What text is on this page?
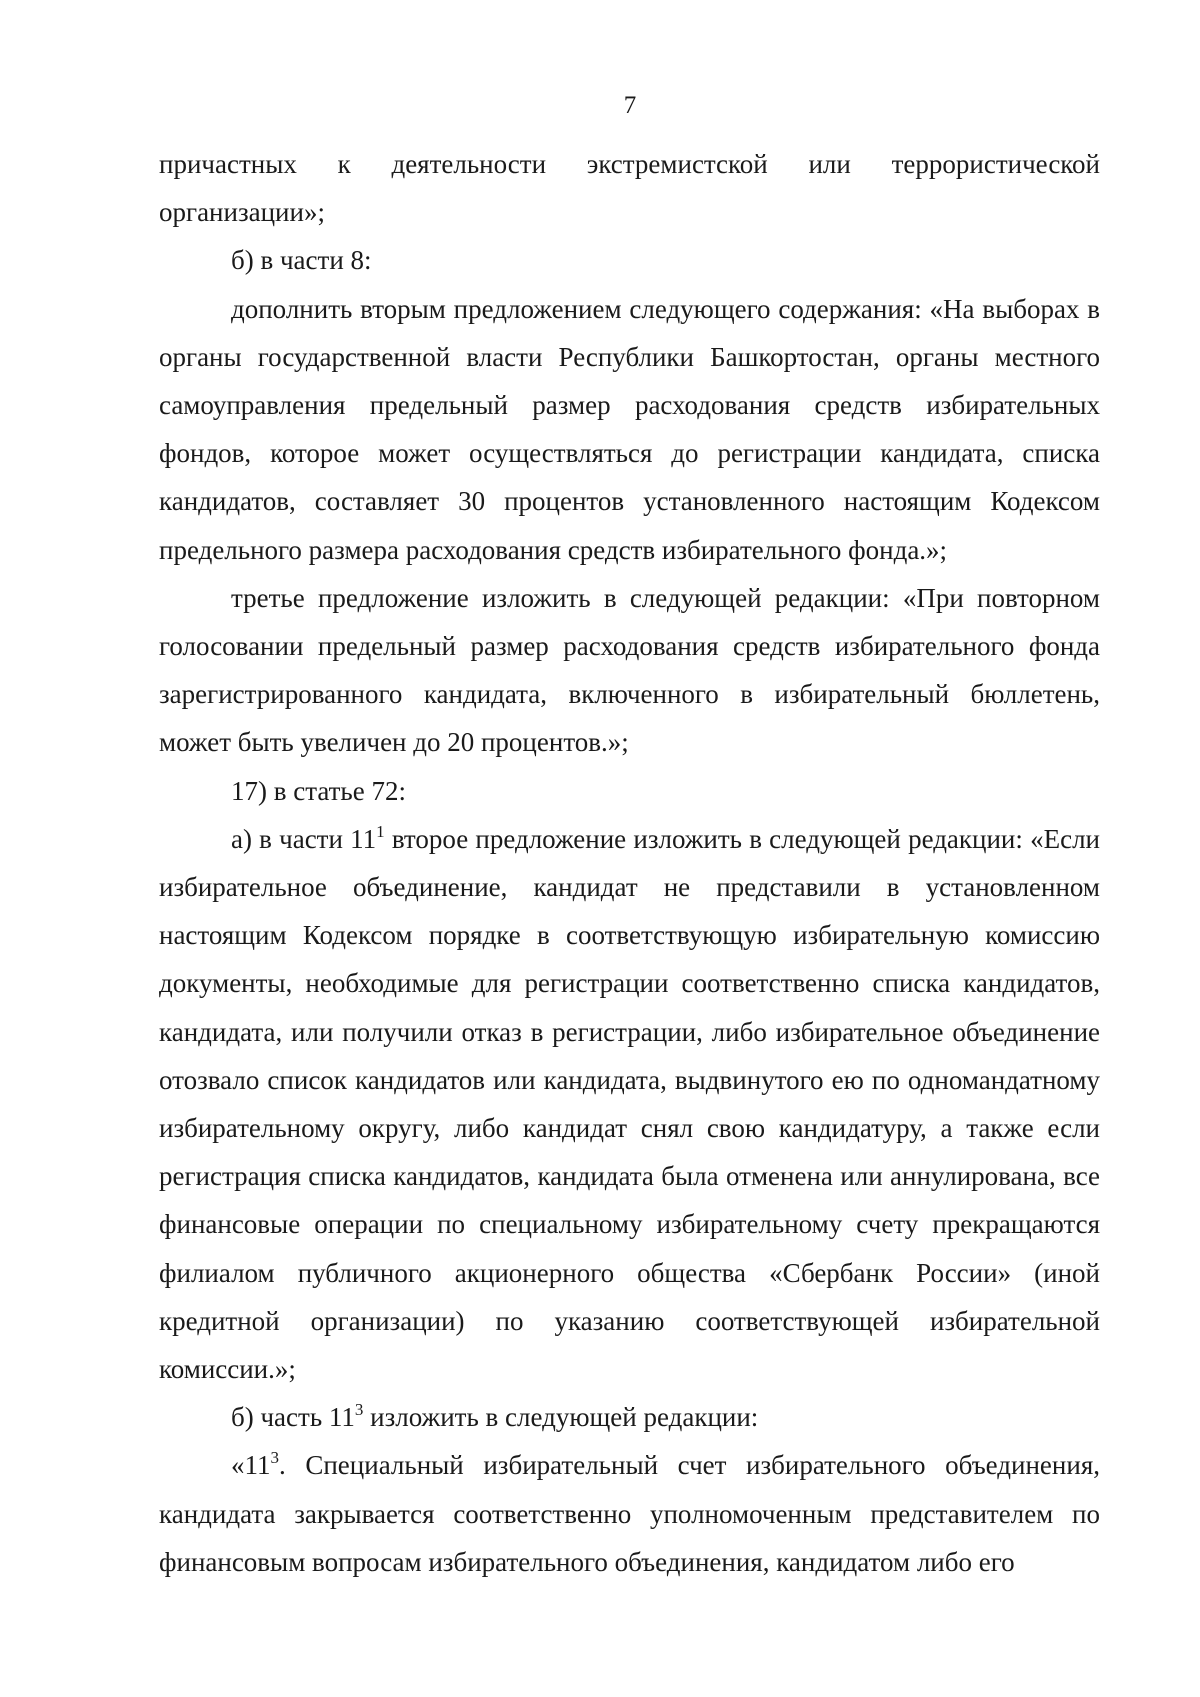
7

причастных к деятельности экстремистской или террористической организации»;

б) в части 8:

дополнить вторым предложением следующего содержания: «На выборах в органы государственной власти Республики Башкортостан, органы местного самоуправления предельный размер расходования средств избирательных фондов, которое может осуществляться до регистрации кандидата, списка кандидатов, составляет 30 процентов установленного настоящим Кодексом предельного размера расходования средств избирательного фонда.»;

третье предложение изложить в следующей редакции: «При повторном голосовании предельный размер расходования средств избирательного фонда зарегистрированного кандидата, включенного в избирательный бюллетень, может быть увеличен до 20 процентов.»;

17) в статье 72:

а) в части $11^1$ второе предложение изложить в следующей редакции: «Если избирательное объединение, кандидат не представили в установленном настоящим Кодексом порядке в соответствующую избирательную комиссию документы, необходимые для регистрации соответственно списка кандидатов, кандидата, или получили отказ в регистрации, либо избирательное объединение отозвало список кандидатов или кандидата, выдвинутого ею по одномандатному избирательному округу, либо кандидат снял свою кандидатуру, а также если регистрация списка кандидатов, кандидата была отменена или аннулирована, все финансовые операции по специальному избирательному счету прекращаются филиалом публичного акционерного общества «Сбербанк России» (иной кредитной организации) по указанию соответствующей избирательной комиссии.»;

б) часть $11^3$ изложить в следующей редакции:

«$11^3$. Специальный избирательный счет избирательного объединения, кандидата закрывается соответственно уполномоченным представителем по финансовым вопросам избирательного объединения, кандидатом либо его
